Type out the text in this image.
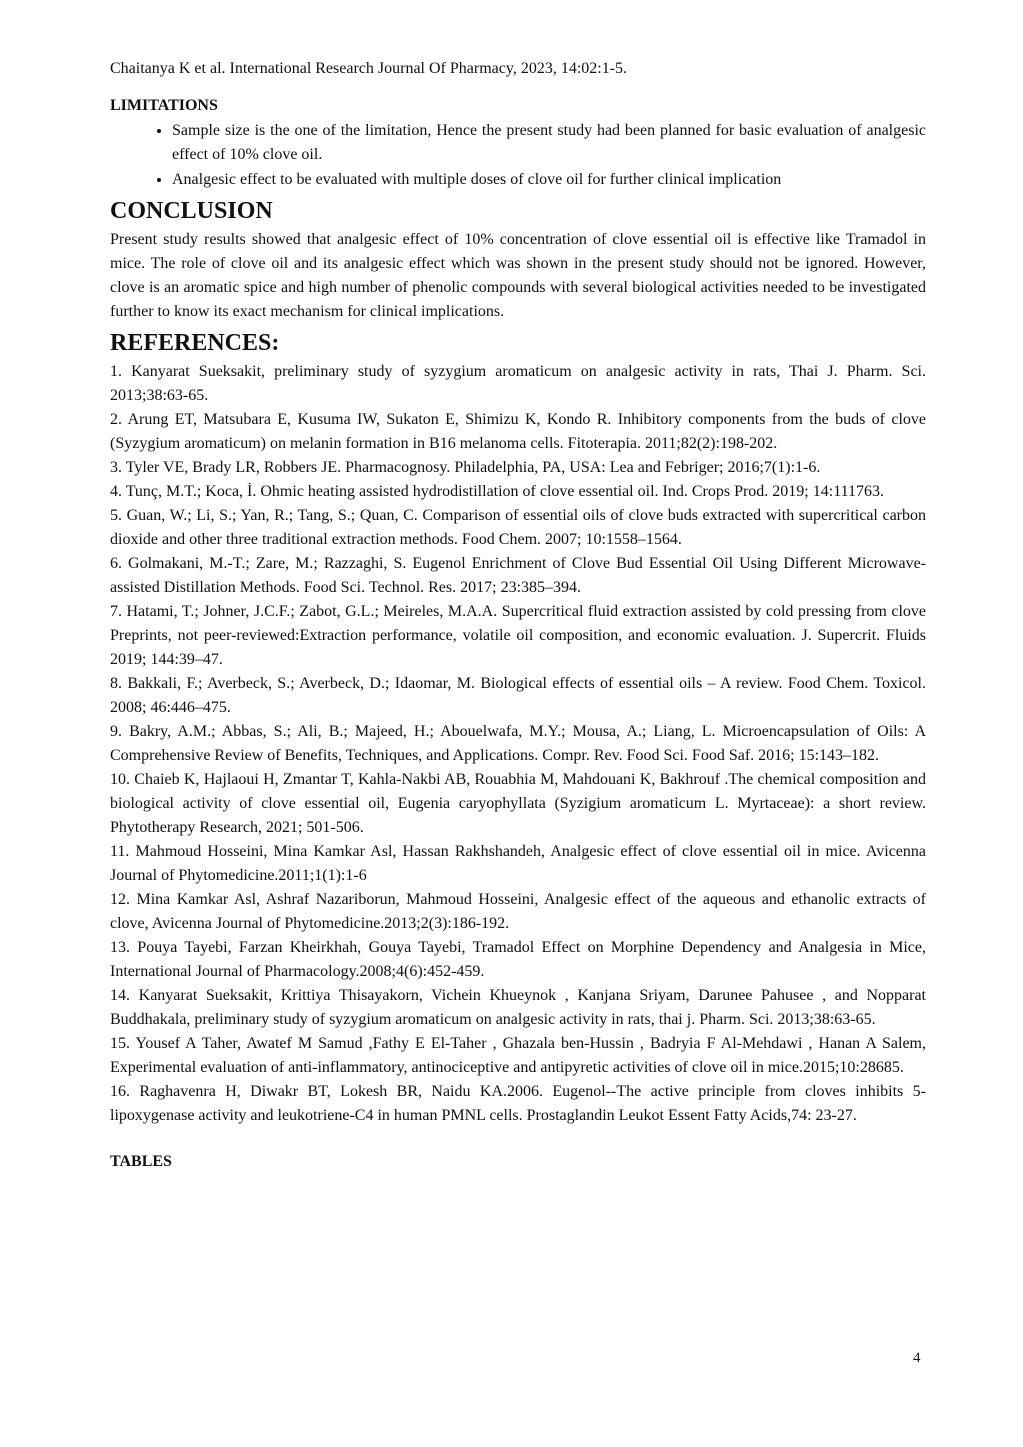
Chaitanya K et al. International Research Journal Of Pharmacy, 2023, 14:02:1-5.

LIMITATIONS
• Sample size is the one of the limitation, Hence the present study had been planned for basic evaluation of analgesic effect of 10% clove oil.
• Analgesic effect to be evaluated with multiple doses of clove oil for further clinical implication
CONCLUSION

Present study results showed that analgesic effect of 10% concentration of clove essential oil is effective like Tramadol in mice. The role of clove oil and its analgesic effect which was shown in the present study should not be ignored. However, clove is an aromatic spice and high number of phenolic compounds with several biological activities needed to be investigated further to know its exact mechanism for clinical implications.

REFERENCES:
1. Kanyarat Sueksakit, preliminary study of syzygium aromaticum on analgesic activity in rats, Thai J. Pharm. Sci. 2013;38:63-65.
2. Arung ET, Matsubara E, Kusuma IW, Sukaton E, Shimizu K, Kondo R. Inhibitory components from the buds of clove (Syzygium aromaticum) on melanin formation in B16 melanoma cells. Fitoterapia. 2011;82(2):198-202.
3. Tyler VE, Brady LR, Robbers JE. Pharmacognosy. Philadelphia, PA, USA: Lea and Febriger; 2016;7(1):1-6.
4. Tunç, M.T.; Koca, İ. Ohmic heating assisted hydrodistillation of clove essential oil. Ind. Crops Prod. 2019; 14:111763.
5. Guan, W.; Li, S.; Yan, R.; Tang, S.; Quan, C. Comparison of essential oils of clove buds extracted with supercritical carbon dioxide and other three traditional extraction methods. Food Chem. 2007; 10:1558–1564.
6. Golmakani, M.-T.; Zare, M.; Razzaghi, S. Eugenol Enrichment of Clove Bud Essential Oil Using Different Microwave-assisted Distillation Methods. Food Sci. Technol. Res. 2017; 23:385–394.
7. Hatami, T.; Johner, J.C.F.; Zabot, G.L.; Meireles, M.A.A. Supercritical fluid extraction assisted by cold pressing from clove Preprints, not peer-reviewed:Extraction performance, volatile oil composition, and economic evaluation. J. Supercrit. Fluids 2019; 144:39–47.
8. Bakkali, F.; Averbeck, S.; Averbeck, D.; Idaomar, M. Biological effects of essential oils – A review. Food Chem. Toxicol. 2008; 46:446–475.
9. Bakry, A.M.; Abbas, S.; Ali, B.; Majeed, H.; Abouelwafa, M.Y.; Mousa, A.; Liang, L. Microencapsulation of Oils: A Comprehensive Review of Benefits, Techniques, and Applications. Compr. Rev. Food Sci. Food Saf. 2016; 15:143–182.
10. Chaieb K, Hajlaoui H, Zmantar T, Kahla-Nakbi AB, Rouabhia M, Mahdouani K, Bakhrouf .The chemical composition and biological activity of clove essential oil, Eugenia caryophyllata (Syzigium aromaticum L. Myrtaceae): a short review. Phytotherapy Research, 2021; 501-506.
11. Mahmoud Hosseini, Mina Kamkar Asl, Hassan Rakhshandeh, Analgesic effect of clove essential oil in mice. Avicenna Journal of Phytomedicine.2011;1(1):1-6
12. Mina Kamkar Asl, Ashraf Nazariborun, Mahmoud Hosseini, Analgesic effect of the aqueous and ethanolic extracts of clove, Avicenna Journal of Phytomedicine.2013;2(3):186-192.
13. Pouya Tayebi, Farzan Kheirkhah, Gouya Tayebi, Tramadol Effect on Morphine Dependency and Analgesia in Mice, International Journal of Pharmacology.2008;4(6):452-459.
14. Kanyarat Sueksakit, Krittiya Thisayakorn, Vichein Khueynok , Kanjana Sriyam, Darunee Pahusee , and Nopparat Buddhakala, preliminary study of syzygium aromaticum on analgesic activity in rats, thai j. Pharm. Sci. 2013;38:63-65.
15. Yousef A Taher, Awatef M Samud ,Fathy E El-Taher , Ghazala ben-Hussin , Badryia F Al-Mehdawi , Hanan A Salem, Experimental evaluation of anti-inflammatory, antinociceptive and antipyretic activities of clove oil in mice.2015;10:28685.
16. Raghavenra H, Diwakr BT, Lokesh BR, Naidu KA.2006. Eugenol--The active principle from cloves inhibits 5-lipoxygenase activity and leukotriene-C4 in human PMNL cells. Prostaglandin Leukot Essent Fatty Acids,74: 23-27.
TABLES
4
